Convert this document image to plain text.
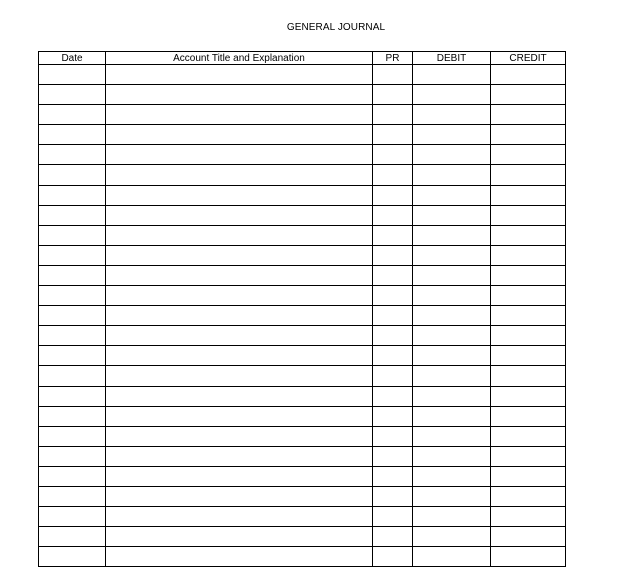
GENERAL JOURNAL
Date	Account Title and Explanation	PR	DEBIT	CREDIT
